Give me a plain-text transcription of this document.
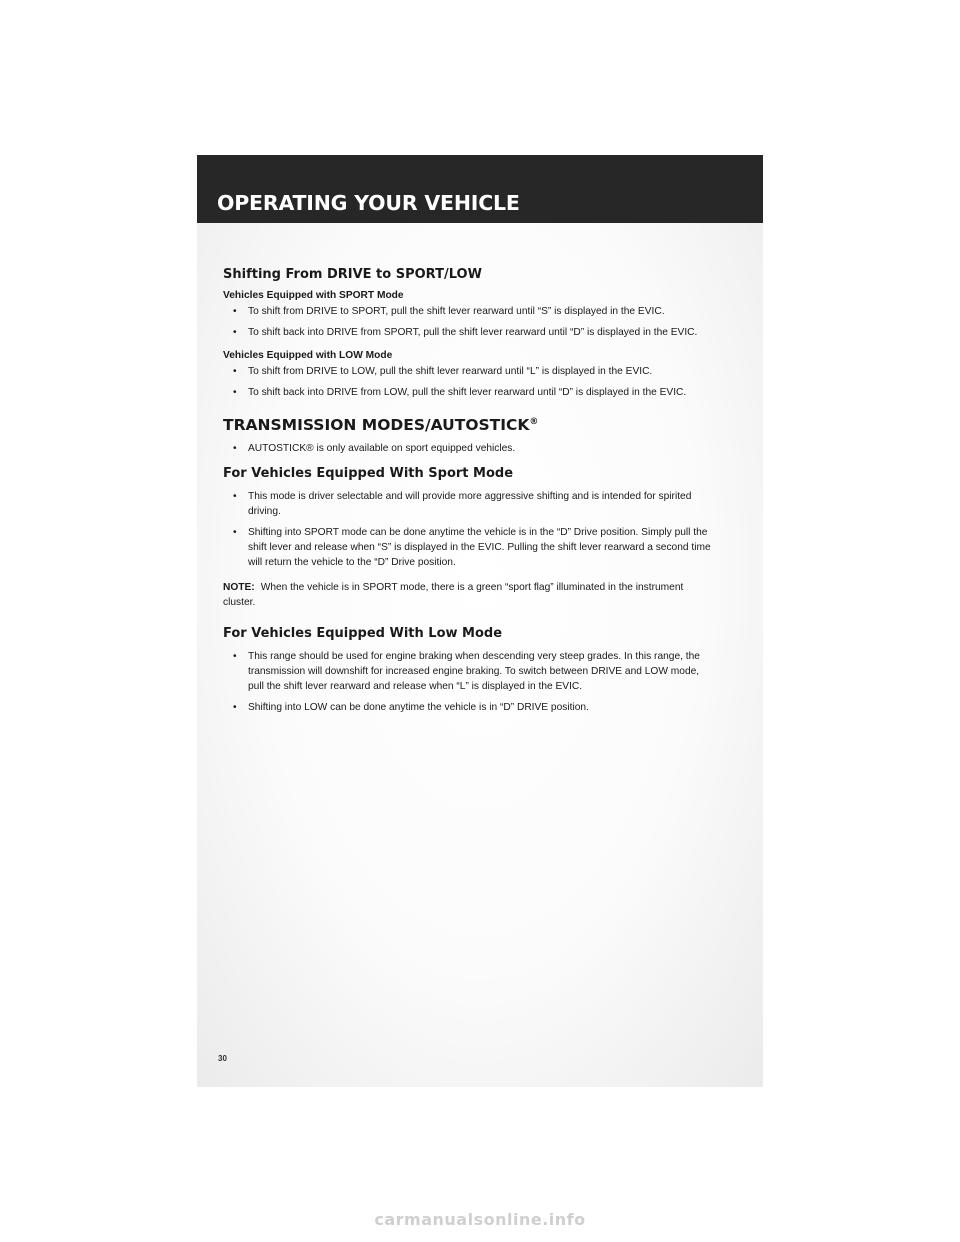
OPERATING YOUR VEHICLE
Shifting From DRIVE to SPORT/LOW
Vehicles Equipped with SPORT Mode
• To shift from DRIVE to SPORT, pull the shift lever rearward until “S” is displayed in the EVIC.
• To shift back into DRIVE from SPORT, pull the shift lever rearward until “D” is displayed in the EVIC.
Vehicles Equipped with LOW Mode
• To shift from DRIVE to LOW, pull the shift lever rearward until “L” is displayed in the EVIC.
• To shift back into DRIVE from LOW, pull the shift lever rearward until “D” is displayed in the EVIC.
TRANSMISSION MODES/AUTOSTICK®
• AUTOSTICK® is only available on sport equipped vehicles.
For Vehicles Equipped With Sport Mode
• This mode is driver selectable and will provide more aggressive shifting and is intended for spirited driving.
• Shifting into SPORT mode can be done anytime the vehicle is in the “D” Drive position. Simply pull the shift lever and release when “S” is displayed in the EVIC. Pulling the shift lever rearward a second time will return the vehicle to the “D” Drive position.
NOTE: When the vehicle is in SPORT mode, there is a green “sport flag” illuminated in the instrument cluster.
For Vehicles Equipped With Low Mode
• This range should be used for engine braking when descending very steep grades. In this range, the transmission will downshift for increased engine braking. To switch between DRIVE and LOW mode, pull the shift lever rearward and release when “L” is displayed in the EVIC.
• Shifting into LOW can be done anytime the vehicle is in “D” DRIVE position.
30
carmanualsonline.info
